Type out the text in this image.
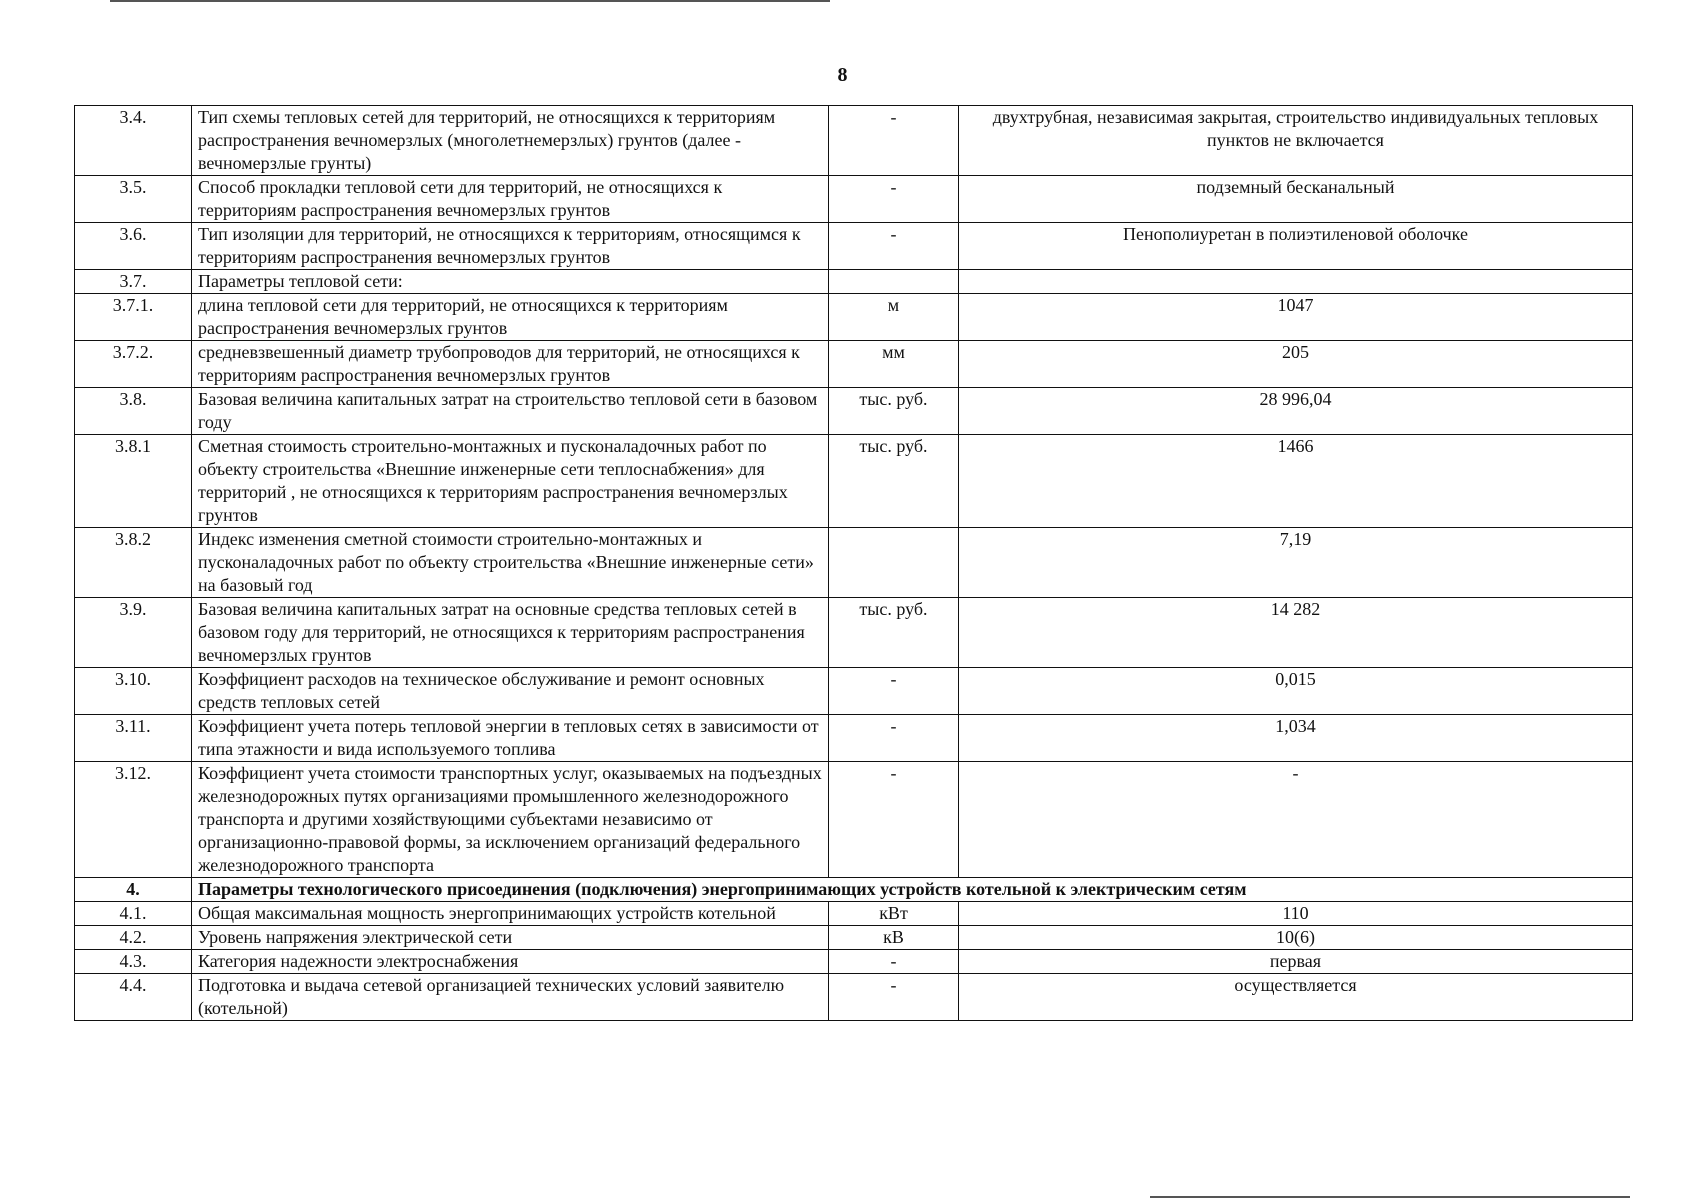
8
3.4.	Тип схемы тепловых сетей для территорий, не относящихся к территориям распространения вечномерзлых (многолетнемерзлых) грунтов (далее - вечномерзлые грунты)	-	двухтрубная, независимая закрытая, строительство индивидуальных тепловых пунктов не включается
3.5.	Способ прокладки тепловой сети для территорий, не относящихся к территориям распространения вечномерзлых грунтов	-	подземный бесканальный
3.6.	Тип изоляции для территорий, не относящихся к территориям, относящимся к территориям распространения вечномерзлых грунтов	-	Пенополиуретан в полиэтиленовой оболочке
3.7.	Параметры тепловой сети:		
3.7.1.	длина тепловой сети для территорий, не относящихся к территориям распространения вечномерзлых грунтов	м	1047
3.7.2.	средневзвешенный диаметр трубопроводов для территорий, не относящихся к территориям распространения вечномерзлых грунтов	мм	205
3.8.	Базовая величина капитальных затрат на строительство тепловой сети в базовом году	тыс. руб.	28 996,04
3.8.1	Сметная стоимость строительно-монтажных и пусконаладочных работ по объекту строительства «Внешние инженерные сети теплоснабжения» для территорий , не относящихся к территориям распространения вечномерзлых грунтов	тыс. руб.	1466
3.8.2	Индекс изменения сметной стоимости строительно-монтажных и пусконаладочных работ по объекту строительства «Внешние инженерные сети» на базовый год		7,19
3.9.	Базовая величина капитальных затрат на основные средства тепловых сетей в базовом году для территорий, не относящихся к территориям распространения вечномерзлых грунтов	тыс. руб.	14 282
3.10.	Коэффициент расходов на техническое обслуживание и ремонт основных средств тепловых сетей	-	0,015
3.11.	Коэффициент учета потерь тепловой энергии в тепловых сетях в зависимости от типа этажности и вида используемого топлива	-	1,034
3.12.	Коэффициент учета стоимости транспортных услуг, оказываемых на подъездных железнодорожных путях организациями промышленного железнодорожного транспорта и другими хозяйствующими субъектами независимо от организационно-правовой формы, за исключением организаций федерального железнодорожного транспорта	-	-
4.	Параметры технологического присоединения (подключения) энергопринимающих устройств котельной к электрическим сетям		
4.1.	Общая максимальная мощность энергопринимающих устройств котельной	кВт	110
4.2.	Уровень напряжения электрической сети	кВ	10(6)
4.3.	Категория надежности электроснабжения	-	первая
4.4.	Подготовка и выдача сетевой организацией технических условий заявителю (котельной)	-	осуществляется
